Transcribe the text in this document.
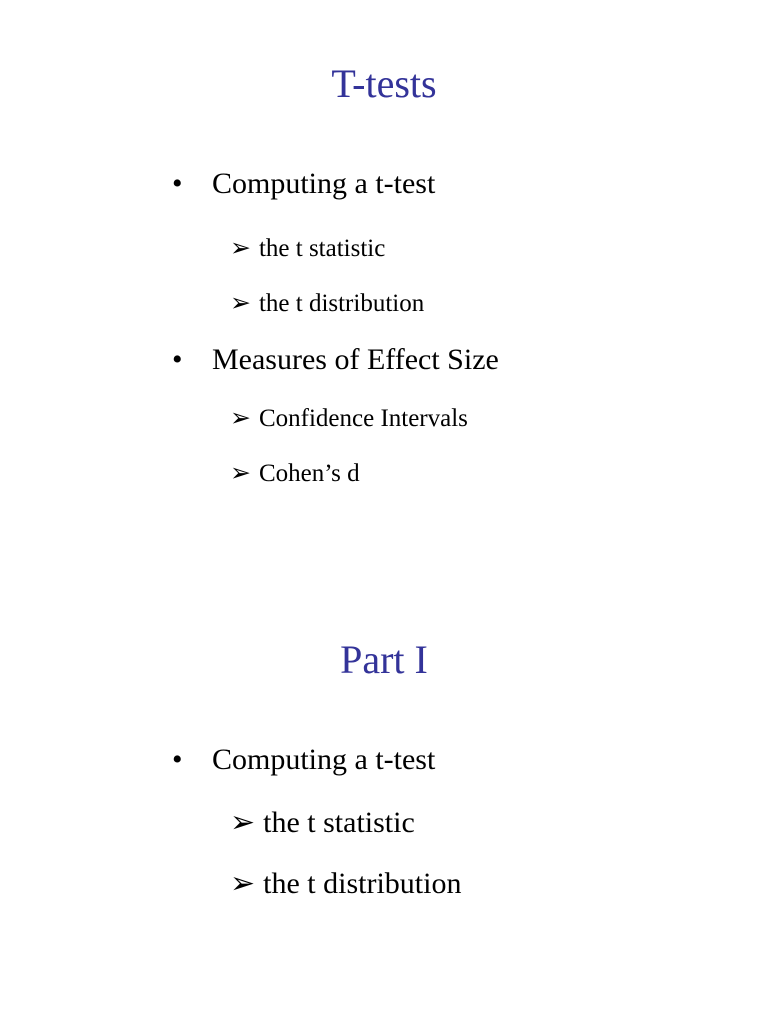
T-tests
• Computing a t-test
➢ the t statistic
➢ the t distribution
• Measures of Effect Size
➢ Confidence Intervals
➢ Cohen’s d
Part I
• Computing a t-test
➢ the t statistic
➢ the t distribution
